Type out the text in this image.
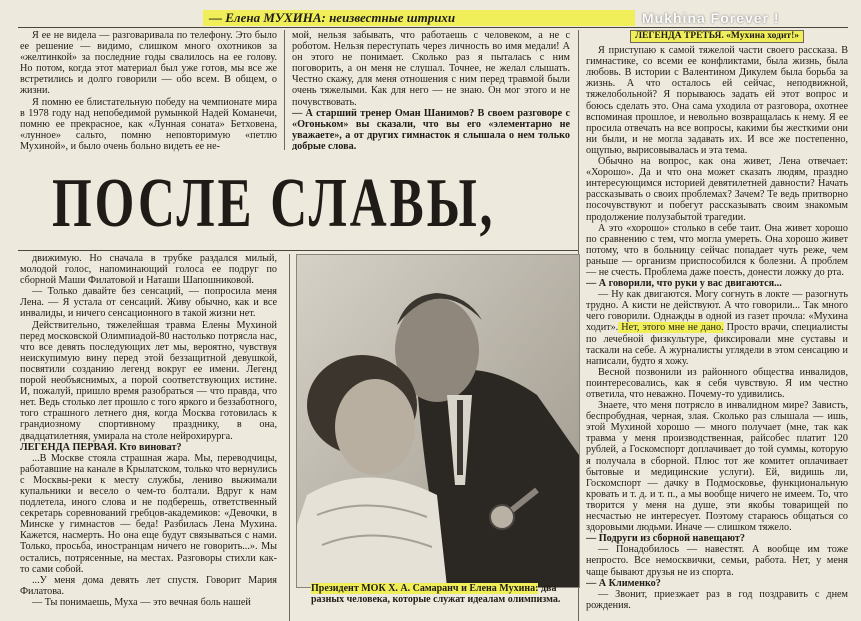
— Елена МУХИНА: неизвестные штрихи	Mukhina Forever !

Я ее не видела — разговаривала по телефону. Это было ее решение — видимо, слишком много охотников за «желтинкой» за последние годы свалилось на ее голову. Но потом, когда этот материал был уже готов, мы все же встретились и долго говорили — обо всем. В общем, о жизни.

Я помню ее блистательную победу на чемпионате мира в 1978 году над непобедимой румынкой Надей Команечи, помню ее прекрасное, как «Лунная соната» Бетховена, «лунное» сальто, помню неповторимую «петлю Мухиной», и было очень больно видеть ее не-

мой, нельзя забывать, что работаешь с человеком, а не с роботом. Нельзя переступать через личность во имя медали! А он этого не понимает. Сколько раз я пыталась с ним поговорить, а он меня не слушал. Точнее, не желал слышать. Честно скажу, для меня отношения с ним перед травмой были очень тяжелыми. Как для него — не знаю. Он мог этого и не почувствовать.

— А старший тренер Оман Шанимов? В своем разговоре с «Огоньком» вы сказали, что вы его «элементарно не уважаете», а от других гимнасток я слышала о нем только добрые слова.

ЛЕГЕНДА ТРЕТЬЯ. «Мухина ходит!»

Я приступаю к самой тяжелой части своего рассказа. В гимнастике, со всеми ее конфликтами, была жизнь, была любовь. В истории с Валентином Дикулем была борьба за жизнь. А что осталось ей сейчас, неподвижной, тяжелобольной? Я порываюсь задать ей этот вопрос и боюсь сделать это. Она сама уходила от разговора, охотнее вспоминая прошлое, и невольно возвращалась к нему. Я ее просила отвечать на все вопросы, какими бы жесткими они ни были, и не могла задавать их. И все же постепенно, ощупью, вырисовывалась и эта тема.

Обычно на вопрос, как она живет, Лена отвечает: «Хорошо». Да и что она может сказать людям, праздно интересующимся историей девятилетней давности? Начать рассказывать о своих проблемах? Зачем? Те ведь притворно посочувствуют и побегут рассказывать своим знакомым продолжение полузабытой трагедии.

А это «хорошо» столько в себе таит. Она живет хорошо по сравнению с тем, что могла умереть. Она хорошо живет потому, что в больницу сейчас попадает чуть реже, чем раньше — организм приспособился к болезни. А проблем — не счесть. Проблема даже поесть, донести ложку до рта.

— А говорили, что руки у вас двигаются...

— Ну как двигаются. Могу согнуть в локте — разогнуть трудно. А кисти не действуют. А что говорили... Так много чего говорили. Однажды в одной из газет прочла: «Мухина ходит». Нет, этого мне не дано. Просто врачи, специалисты по лечебной физкультуре, фиксировали мне суставы и таскали на себе. А журналисты углядели в этом сенсацию и написали, будто я хожу.

Весной позвонили из районного общества инвалидов, поинтересовались, как я себя чувствую. Я им честно ответила, что неважно. Почему-то удивились.

Знаете, что меня потрясло в инвалидном мире? Зависть, беспробудная, черная, злая. Сколько раз слышала — ишь, этой Мухиной хорошо — много получает (мне, так как травма у меня производственная, райсобес платит 120 рублей, а Госкомспорт доплачивает до той суммы, которую я получала в сборной. Плюс тот же комитет оплачивает бытовые и медицинские услуги). Ей, видишь ли, Госкомспорт — дачку в Подмосковье, функциональную кровать и т. д. и т. п., а мы вообще ничего не имеем. То, что творится у меня на душе, эти якобы товарищей по несчастью не интересует. Поэтому стараюсь общаться со здоровыми людьми. Иначе — слишком тяжело.

— Подруги из сборной навещают?

— Понадобилось — навестят. А вообще им тоже непросто. Все немосквички, семьи, работа. Нет, у меня чаще бывают друзья не из спорта.

— А Клименко?

— Звонит, приезжает раз в год поздравить с днем рождения.

ПОСЛЕ СЛАВЫ,

движимую. Но сначала в трубке раздался милый, молодой голос, напоминающий голоса ее подруг по сборной Маши Филатовой и Наташи Шапошниковой.

— Только давайте без сенсаций, — попросила меня Лена. — Я устала от сенсаций. Живу обычно, как и все инвалиды, и ничего сенсационного в такой жизни нет.

Действительно, тяжелейшая травма Елены Мухиной перед московской Олимпиадой-80 настолько потрясла нас, что все девять последующих лет мы, вероятно, чувствуя неискупимую вину перед этой беззащитной девушкой, посвятили созданию легенд вокруг ее имени. Легенд порой необъяснимых, а порой соответствующих истине. И, пожалуй, пришло время разобраться — что правда, что нет. Ведь столько лет прошло с того яркого и беззаботного, того страшного летнего дня, когда Москва готовилась к грандиозному спортивному празднику, в она, двадцатилетняя, умирала на столе нейрохирурга.

ЛЕГЕНДА ПЕРВАЯ. Кто виноват?

...В Москве стояла страшная жара. Мы, переводчицы, работавшие на канале в Крылатском, только что вернулись с Москвы-реки к месту службы, лениво выжимали купальники и весело о чем-то болтали. Вдруг к нам подлетела, иного слова и не подберешь, ответственный секретарь соревнований гребцов-академиков: «Девочки, в Минске у гимнастов — беда! Разбилась Лена Мухина. Кажется, насмерть. Но она еще будут связываться с нами. Только, просьба, иностранцам ничего не говорить...». Мы остались, потрясенные, на местах. Разговоры стихли как-то сами собой.

...У меня дома девять лет спустя. Говорит Мария Филатова.

— Ты понимаешь, Муха — это вечная боль нашей

Президент МОК Х. А. Самаранч и Елена Мухина: два разных человека, которые служат идеалам олимпизма.
